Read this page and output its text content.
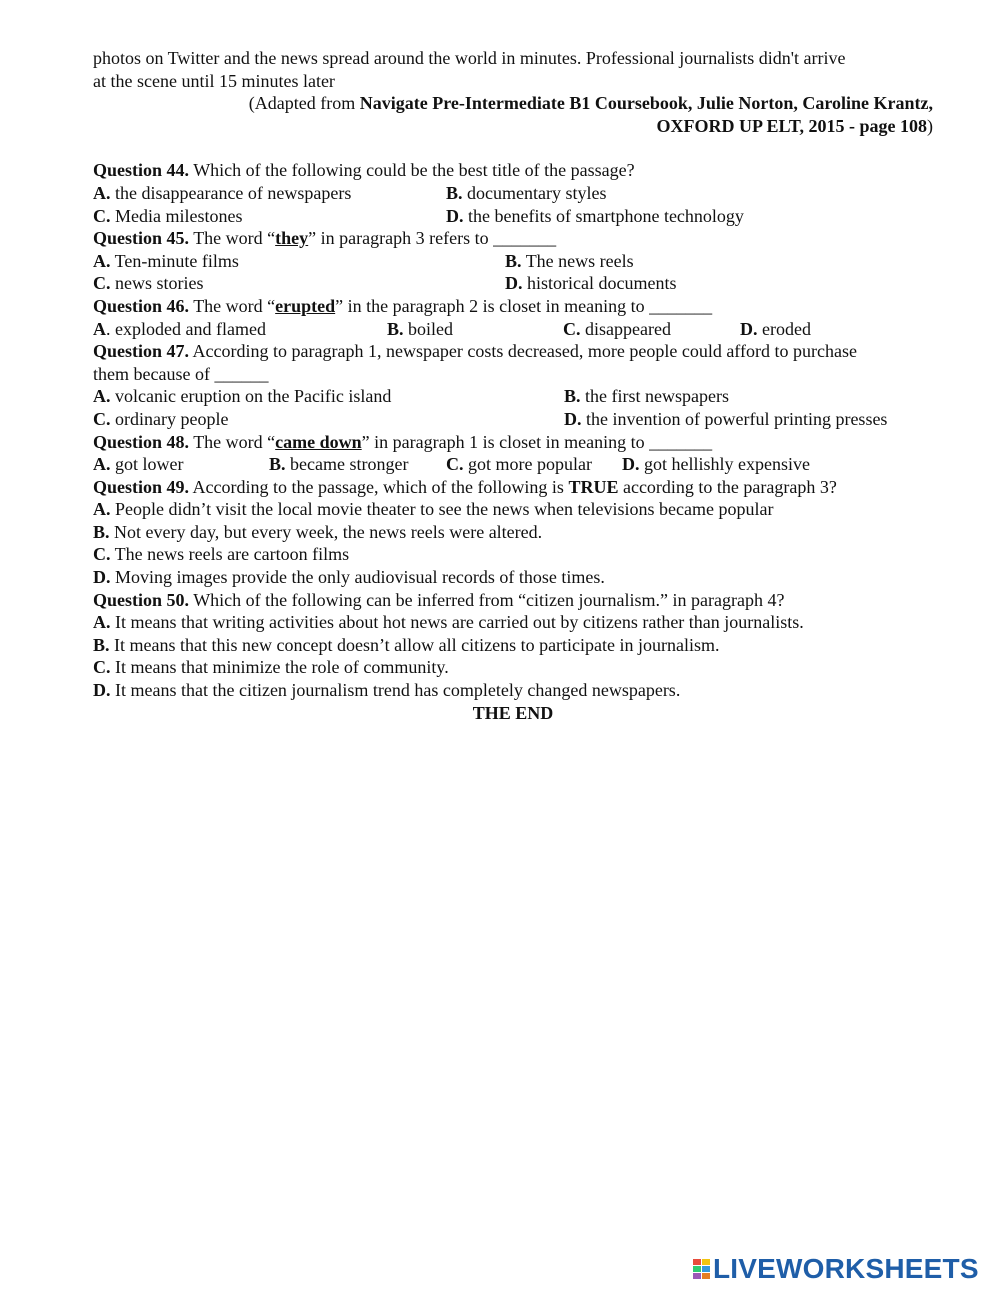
photos on Twitter and the news spread around the world in minutes. Professional journalists didn't arrive
at the scene until 15 minutes later
(Adapted from Navigate Pre-Intermediate B1 Coursebook, Julie Norton, Caroline Krantz,
OXFORD UP ELT, 2015 - page 108)
Question 44. Which of the following could be the best title of the passage?
A. the disappearance of newspapers	B. documentary styles
C. Media milestones	D. the benefits of smartphone technology
Question 45. The word “they” in paragraph 3 refers to _______
A. Ten-minute films	B. The news reels
C. news stories	D. historical documents
Question 46. The word “erupted” in the paragraph 2 is closet in meaning to _______
A. exploded and flamed	B. boiled	C. disappeared	D. eroded
Question 47. According to paragraph 1, newspaper costs decreased, more people could afford to purchase
them because of ______
A. volcanic eruption on the Pacific island	B. the first newspapers
C. ordinary people	D. the invention of powerful printing presses
Question 48. The word “came down” in paragraph 1 is closet in meaning to _______
A. got lower	B. became stronger C. got more popular D. got hellishly expensive
Question 49. According to the passage, which of the following is TRUE according to the paragraph 3?
A. People didn’t visit the local movie theater to see the news when televisions became popular
B. Not every day, but every week, the news reels were altered.
C. The news reels are cartoon films
D. Moving images provide the only audiovisual records of those times.
Question 50. Which of the following can be inferred from “citizen journalism.” in paragraph 4?
A. It means that writing activities about hot news are carried out by citizens rather than journalists.
B. It means that this new concept doesn’t allow all citizens to participate in journalism.
C. It means that minimize the role of community.
D. It means that the citizen journalism trend has completely changed newspapers.
THE END
LIVEWORKSHEETS
